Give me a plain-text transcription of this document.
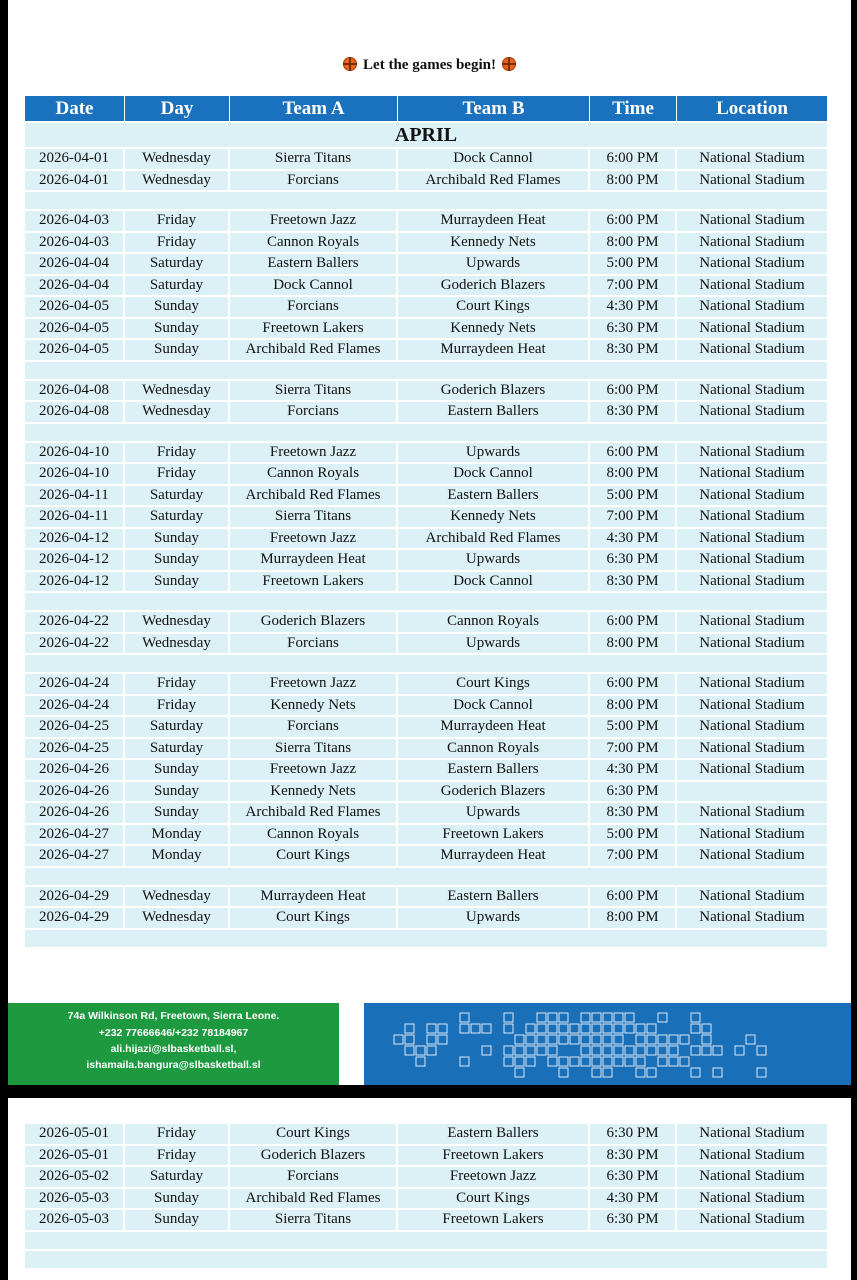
Let the games begin!
Date	Day	Team A	Team B	Time	Location
APRIL					
2026-04-01	Wednesday	Sierra Titans	Dock Cannol	6:00 PM	National Stadium
2026-04-01	Wednesday	Forcians	Archibald Red Flames	8:00 PM	National Stadium

2026-04-03	Friday	Freetown Jazz	Murraydeen Heat	6:00 PM	National Stadium
2026-04-03	Friday	Cannon Royals	Kennedy Nets	8:00 PM	National Stadium
2026-04-04	Saturday	Eastern Ballers	Upwards	5:00 PM	National Stadium
2026-04-04	Saturday	Dock Cannol	Goderich Blazers	7:00 PM	National Stadium
2026-04-05	Sunday	Forcians	Court Kings	4:30 PM	National Stadium
2026-04-05	Sunday	Freetown Lakers	Kennedy Nets	6:30 PM	National Stadium
2026-04-05	Sunday	Archibald Red Flames	Murraydeen Heat	8:30 PM	National Stadium

2026-04-08	Wednesday	Sierra Titans	Goderich Blazers	6:00 PM	National Stadium
2026-04-08	Wednesday	Forcians	Eastern Ballers	8:30 PM	National Stadium

2026-04-10	Friday	Freetown Jazz	Upwards	6:00 PM	National Stadium
2026-04-10	Friday	Cannon Royals	Dock Cannol	8:00 PM	National Stadium
2026-04-11	Saturday	Archibald Red Flames	Eastern Ballers	5:00 PM	National Stadium
2026-04-11	Saturday	Sierra Titans	Kennedy Nets	7:00 PM	National Stadium
2026-04-12	Sunday	Freetown Jazz	Archibald Red Flames	4:30 PM	National Stadium
2026-04-12	Sunday	Murraydeen Heat	Upwards	6:30 PM	National Stadium
2026-04-12	Sunday	Freetown Lakers	Dock Cannol	8:30 PM	National Stadium

2026-04-22	Wednesday	Goderich Blazers	Cannon Royals	6:00 PM	National Stadium
2026-04-22	Wednesday	Forcians	Upwards	8:00 PM	National Stadium

2026-04-24	Friday	Freetown Jazz	Court Kings	6:00 PM	National Stadium
2026-04-24	Friday	Kennedy Nets	Dock Cannol	8:00 PM	National Stadium
2026-04-25	Saturday	Forcians	Murraydeen Heat	5:00 PM	National Stadium
2026-04-25	Saturday	Sierra Titans	Cannon Royals	7:00 PM	National Stadium
2026-04-26	Sunday	Freetown Jazz	Eastern Ballers	4:30 PM	National Stadium
2026-04-26	Sunday	Kennedy Nets	Goderich Blazers	6:30 PM	
2026-04-26	Sunday	Archibald Red Flames	Upwards	8:30 PM	National Stadium
2026-04-27	Monday	Cannon Royals	Freetown Lakers	5:00 PM	National Stadium
2026-04-27	Monday	Court Kings	Murraydeen Heat	7:00 PM	National Stadium

2026-04-29	Wednesday	Murraydeen Heat	Eastern Ballers	6:00 PM	National Stadium
2026-04-29	Wednesday	Court Kings	Upwards	8:00 PM	National Stadium

74a Wilkinson Rd, Freetown, Sierra Leone.
+232 77666646/+232 78184967
ali.hijazi@slbasketball.sl,
ishamaila.bangura@slbasketball.sl
2026-05-01	Friday	Court Kings	Eastern Ballers	6:30 PM	National Stadium
2026-05-01	Friday	Goderich Blazers	Freetown Lakers	8:30 PM	National Stadium
2026-05-02	Saturday	Forcians	Freetown Jazz	6:30 PM	National Stadium
2026-05-03	Sunday	Archibald Red Flames	Court Kings	4:30 PM	National Stadium
2026-05-03	Sunday	Sierra Titans	Freetown Lakers	6:30 PM	National Stadium
